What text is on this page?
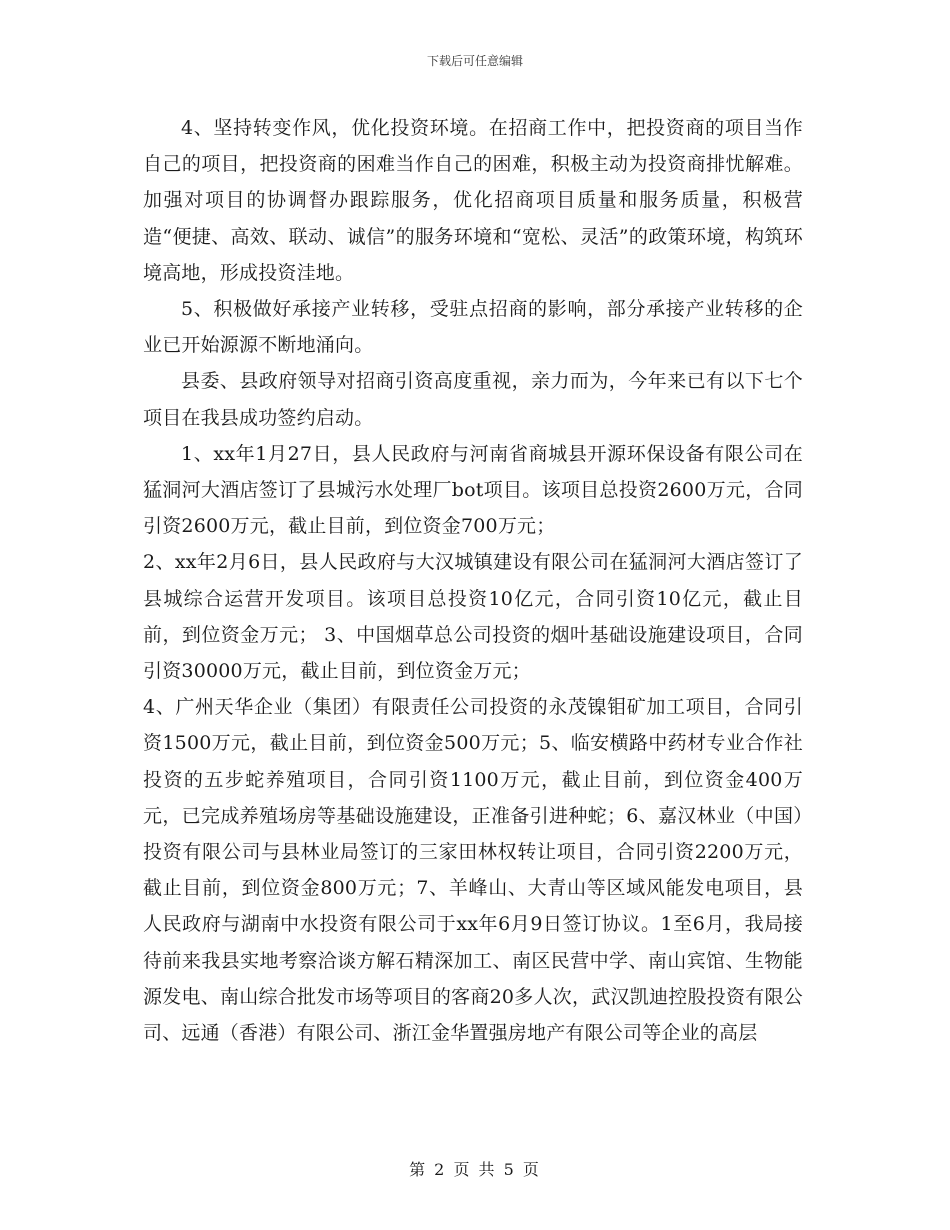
下载后可任意编辑

4、坚持转变作风，优化投资环境。在招商工作中，把投资商的项目当作自己的项目，把投资商的困难当作自己的困难，积极主动为投资商排忧解难。加强对项目的协调督办跟踪服务，优化招商项目质量和服务质量，积极营造“便捷、高效、联动、诚信”的服务环境和“宽松、灵活”的政策环境，构筑环境高地，形成投资洼地。

5、积极做好承接产业转移，受驻点招商的影响，部分承接产业转移的企业已开始源源不断地涌向。

县委、县政府领导对招商引资高度重视，亲力而为，今年来已有以下七个项目在我县成功签约启动。

1、xx年1月27日，县人民政府与河南省商城县开源环保设备有限公司在猛洞河大酒店签订了县城污水处理厂bot项目。该项目总投资2600万元，合同引资2600万元，截止目前，到位资金700万元；

2、xx年2月6日，县人民政府与大汉城镇建设有限公司在猛洞河大酒店签订了县城综合运营开发项目。该项目总投资10亿元，合同引资10亿元，截止目前，到位资金万元； 3、中国烟草总公司投资的烟叶基础设施建设项目，合同引资30000万元，截止目前，到位资金万元；

4、广州天华企业（集团）有限责任公司投资的永茂镍钼矿加工项目，合同引资1500万元，截止目前，到位资金500万元；5、临安横路中药材专业合作社投资的五步蛇养殖项目，合同引资1100万元，截止目前，到位资金400万元，已完成养殖场房等基础设施建设，正准备引进种蛇；6、嘉汉林业（中国）投资有限公司与县林业局签订的三家田林权转让项目，合同引资2200万元，截止目前，到位资金800万元；7、羊峰山、大青山等区域风能发电项目，县人民政府与湖南中水投资有限公司于xx年6月9日签订协议。1至6月，我局接待前来我县实地考察洽谈方解石精深加工、南区民营中学、南山宾馆、生物能源发电、南山综合批发市场等项目的客商20多人次，武汉凯迪控股投资有限公司、远通（香港）有限公司、浙江金华置强房地产有限公司等企业的高层

第 2 页 共 5 页
